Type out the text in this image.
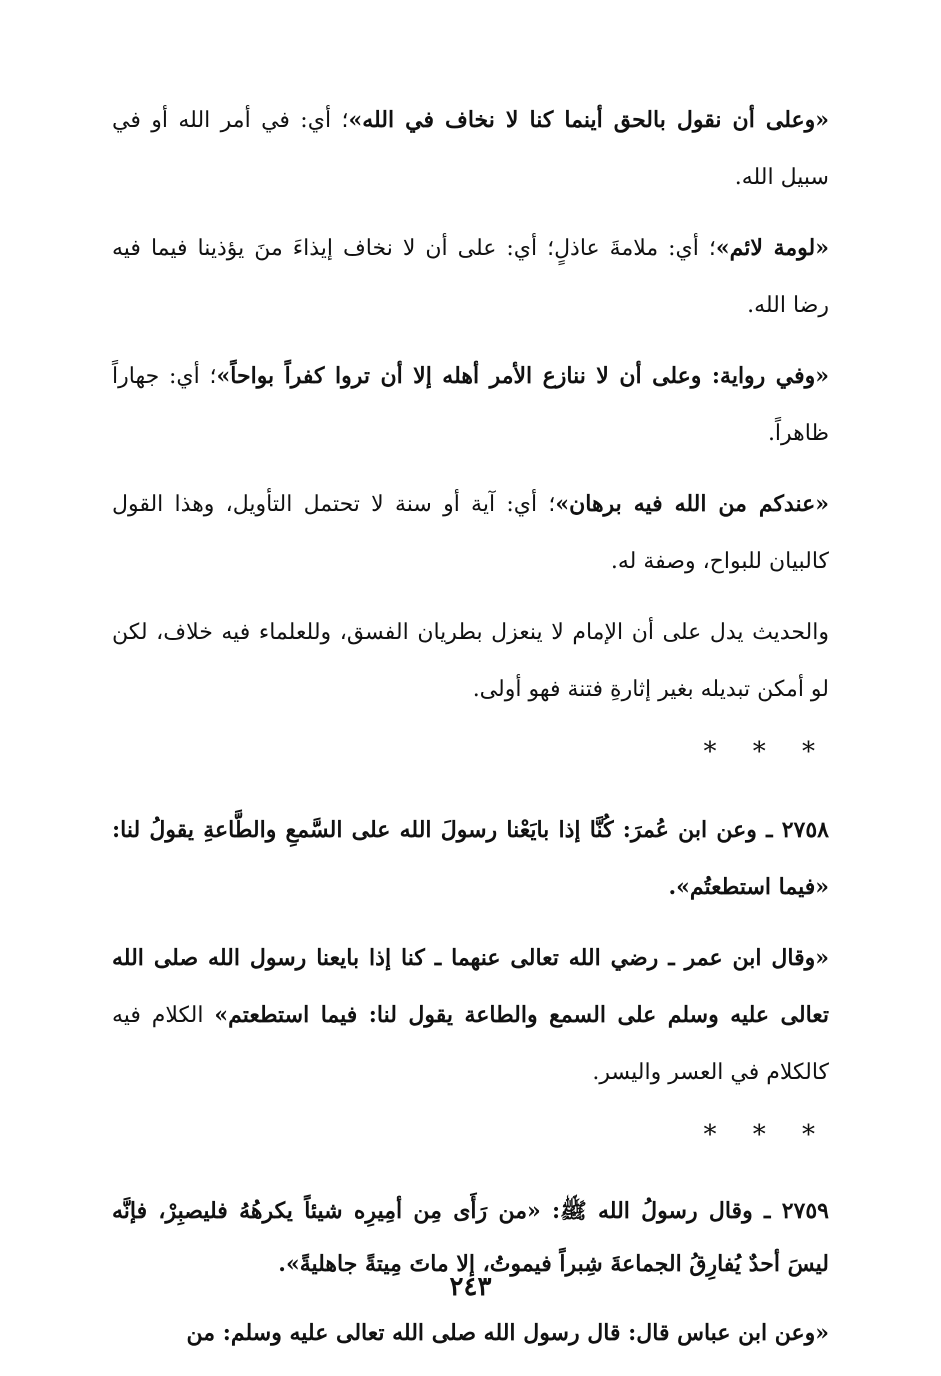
«وعلى أن نقول بالحق أينما كنا لا نخاف في الله»؛ أي: في أمر الله أو في سبيل الله.

«لومة لائم»؛ أي: ملامةَ عاذلٍ؛ أي: على أن لا نخاف إيذاءَ منَ يؤذينا فيما فيه رضا الله.

«وفي رواية: وعلى أن لا ننازع الأمر أهله إلا أن تروا كفراً بواحاً»؛ أي: جهاراً ظاهراً.

«عندكم من الله فيه برهان»؛ أي: آية أو سنة لا تحتمل التأويل، وهذا القول كالبيان للبواح، وصفة له.

والحديث يدل على أن الإمام لا ينعزل بطريان الفسق، وللعلماء فيه خلاف، لكن لو أمكن تبديله بغير إثارةِ فتنة فهو أولى.

* * *

٢٧٥٨ ـ وعن ابن عُمرَ: كُنَّا إذا بايَعْنا رسولَ الله على السَّمعِ والطَّاعةِ يقولُ لنا: «فيما استطعتُم».

«وقال ابن عمر ـ رضي الله تعالى عنهما ـ كنا إذا بايعنا رسول الله صلى الله تعالى عليه وسلم على السمع والطاعة يقول لنا: فيما استطعتم» الكلام فيه كالكلام في العسر واليسر.

* * *

٢٧٥٩ ـ وقال رسولُ الله ﷺ: «من رَأَى مِن أمِيرِه شيئاً يكرهُهُ فليصبِرْ، فإنَّه ليسَ أحدٌ يُفارِقُ الجماعةَ شِبراً فيموتُ، إلا ماتَ مِيتةً جاهليةً».

«وعن ابن عباس قال: قال رسول الله صلى الله تعالى عليه وسلم: من

٢٤٣
